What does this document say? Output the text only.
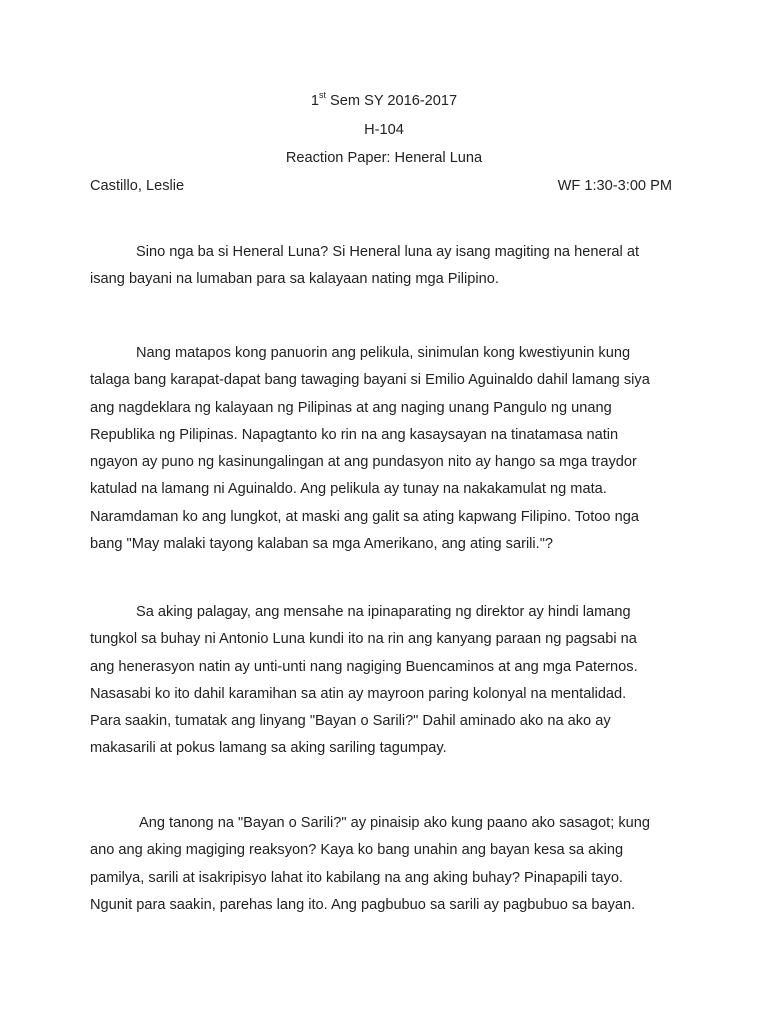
1st Sem SY 2016-2017
H-104
Reaction Paper: Heneral Luna
Castillo, Leslie	WF 1:30-3:00 PM
Sino nga ba si Heneral Luna? Si Heneral luna ay isang magiting na heneral at
isang bayani na lumaban para sa kalayaan nating mga Pilipino.
Nang matapos kong panuorin ang pelikula, sinimulan kong kwestiyunin kung
talaga bang karapat-dapat bang tawaging bayani si Emilio Aguinaldo dahil lamang siya
ang nagdeklara ng kalayaan ng Pilipinas at ang naging unang Pangulo ng unang
Republika ng Pilipinas. Napagtanto ko rin na ang kasaysayan na tinatamasa natin
ngayon ay puno ng kasinungalingan at ang pundasyon nito ay hango sa mga traydor
katulad na lamang ni Aguinaldo. Ang pelikula ay tunay na nakakamulat ng mata.
Naramdaman ko ang lungkot, at maski ang galit sa ating kapwang Filipino. Totoo nga
bang "May malaki tayong kalaban sa mga Amerikano, ang ating sarili."?
Sa aking palagay, ang mensahe na ipinaparating ng direktor ay hindi lamang
tungkol sa buhay ni Antonio Luna kundi ito na rin ang kanyang paraan ng pagsabi na
ang henerasyon natin ay unti-unti nang nagiging Buencaminos at ang mga Paternos.
Nasasabi ko ito dahil karamihan sa atin ay mayroon paring kolonyal na mentalidad.
Para saakin, tumatak ang linyang "Bayan o Sarili?" Dahil aminado ako na ako ay
makasarili at pokus lamang sa aking sariling tagumpay.
Ang tanong na "Bayan o Sarili?" ay pinaisip ako kung paano ako sasagot; kung
ano ang aking magiging reaksyon? Kaya ko bang unahin ang bayan kesa sa aking
pamilya, sarili at isakripisyo lahat ito kabilang na ang aking buhay? Pinapapili tayo.
Ngunit para saakin, parehas lang ito. Ang pagbubuo sa sarili ay pagbubuo sa bayan.
